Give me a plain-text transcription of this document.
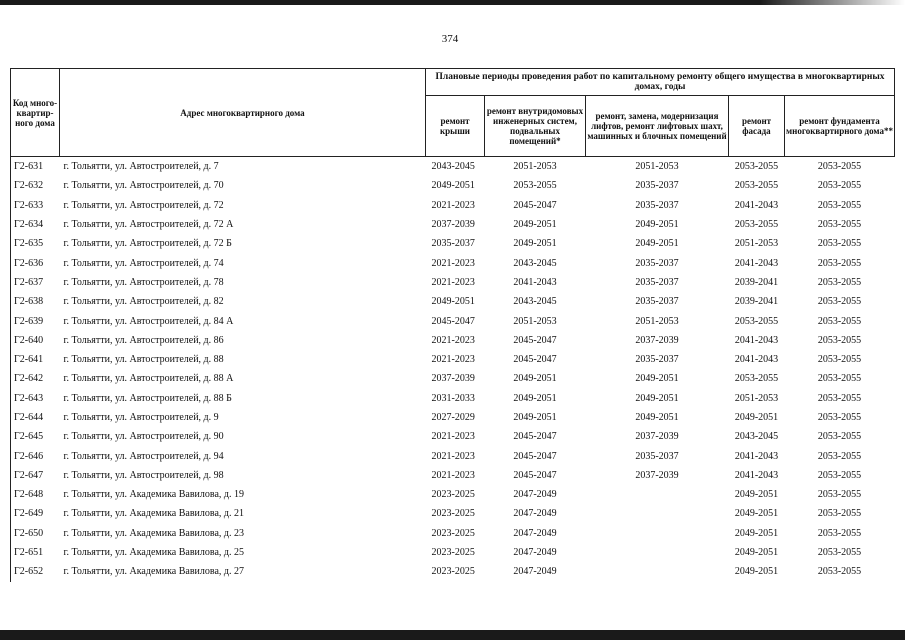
374
Код много-квартир-ного дома	Адрес многоквартирного дома	Плановые периоды проведения работ по капитальному ремонту общего имущества в многоквартирных домах, годы				
		ремонт крыши	ремонт внутридомовых инженерных систем, подвальных помещений*	ремонт, замена, модернизация лифтов, ремонт лифтовых шахт, машинных и блочных помещений	ремонт фасада	ремонт фундамента многоквартирного дома**
Г2-631	г. Тольятти, ул. Автостроителей, д. 7	2043-2045	2051-2053	2051-2053	2053-2055	2053-2055
Г2-632	г. Тольятти, ул. Автостроителей, д. 70	2049-2051	2053-2055	2035-2037	2053-2055	2053-2055
Г2-633	г. Тольятти, ул. Автостроителей, д. 72	2021-2023	2045-2047	2035-2037	2041-2043	2053-2055
Г2-634	г. Тольятти, ул. Автостроителей, д. 72 А	2037-2039	2049-2051	2049-2051	2053-2055	2053-2055
Г2-635	г. Тольятти, ул. Автостроителей, д. 72 Б	2035-2037	2049-2051	2049-2051	2051-2053	2053-2055
Г2-636	г. Тольятти, ул. Автостроителей, д. 74	2021-2023	2043-2045	2035-2037	2041-2043	2053-2055
Г2-637	г. Тольятти, ул. Автостроителей, д. 78	2021-2023	2041-2043	2035-2037	2039-2041	2053-2055
Г2-638	г. Тольятти, ул. Автостроителей, д. 82	2049-2051	2043-2045	2035-2037	2039-2041	2053-2055
Г2-639	г. Тольятти, ул. Автостроителей, д. 84 А	2045-2047	2051-2053	2051-2053	2053-2055	2053-2055
Г2-640	г. Тольятти, ул. Автостроителей, д. 86	2021-2023	2045-2047	2037-2039	2041-2043	2053-2055
Г2-641	г. Тольятти, ул. Автостроителей, д. 88	2021-2023	2045-2047	2035-2037	2041-2043	2053-2055
Г2-642	г. Тольятти, ул. Автостроителей, д. 88 А	2037-2039	2049-2051	2049-2051	2053-2055	2053-2055
Г2-643	г. Тольятти, ул. Автостроителей, д. 88 Б	2031-2033	2049-2051	2049-2051	2051-2053	2053-2055
Г2-644	г. Тольятти, ул. Автостроителей, д. 9	2027-2029	2049-2051	2049-2051	2049-2051	2053-2055
Г2-645	г. Тольятти, ул. Автостроителей, д. 90	2021-2023	2045-2047	2037-2039	2043-2045	2053-2055
Г2-646	г. Тольятти, ул. Автостроителей, д. 94	2021-2023	2045-2047	2035-2037	2041-2043	2053-2055
Г2-647	г. Тольятти, ул. Автостроителей, д. 98	2021-2023	2045-2047	2037-2039	2041-2043	2053-2055
Г2-648	г. Тольятти, ул. Академика Вавилова, д. 19	2023-2025	2047-2049		2049-2051	2053-2055
Г2-649	г. Тольятти, ул. Академика Вавилова, д. 21	2023-2025	2047-2049		2049-2051	2053-2055
Г2-650	г. Тольятти, ул. Академика Вавилова, д. 23	2023-2025	2047-2049		2049-2051	2053-2055
Г2-651	г. Тольятти, ул. Академика Вавилова, д. 25	2023-2025	2047-2049		2049-2051	2053-2055
Г2-652	г. Тольятти, ул. Академика Вавилова, д. 27	2023-2025	2047-2049		2049-2051	2053-2055
